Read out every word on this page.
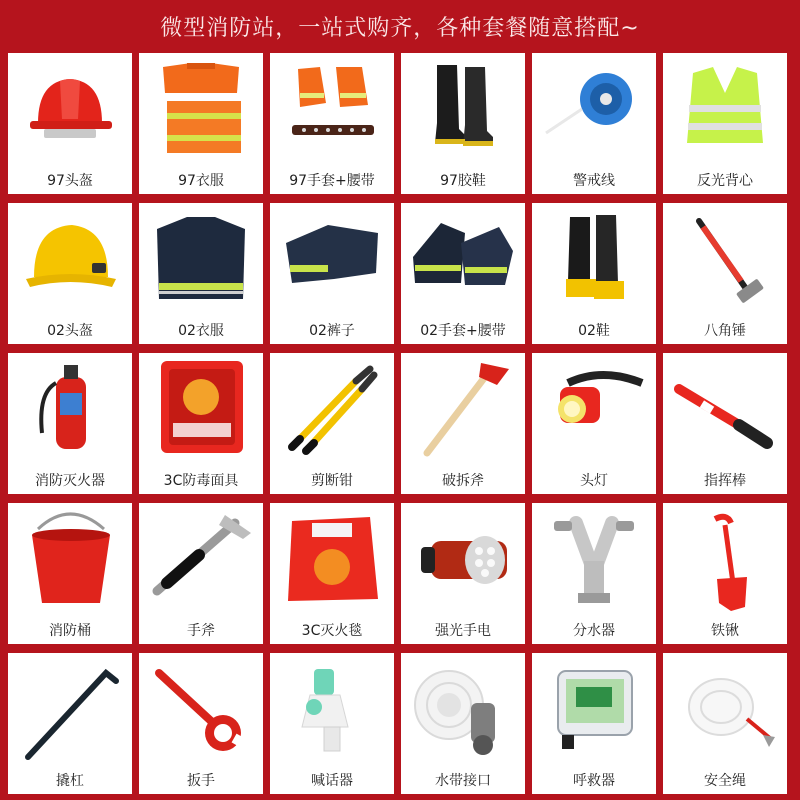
微型消防站，一站式购齐，各种套餐随意搭配~
97头盔	97衣服	97手套+腰带	97胶鞋	警戒线	反光背心
02头盔	02衣服	02裤子	02手套+腰带	02鞋	八角锤
消防灭火器	3C防毒面具	剪断钳	破拆斧	头灯	指挥棒
消防桶	手斧	3C灭火毯	强光手电	分水器	铁锹
撬杠	扳手	喊话器	水带接口	呼救器	安全绳
